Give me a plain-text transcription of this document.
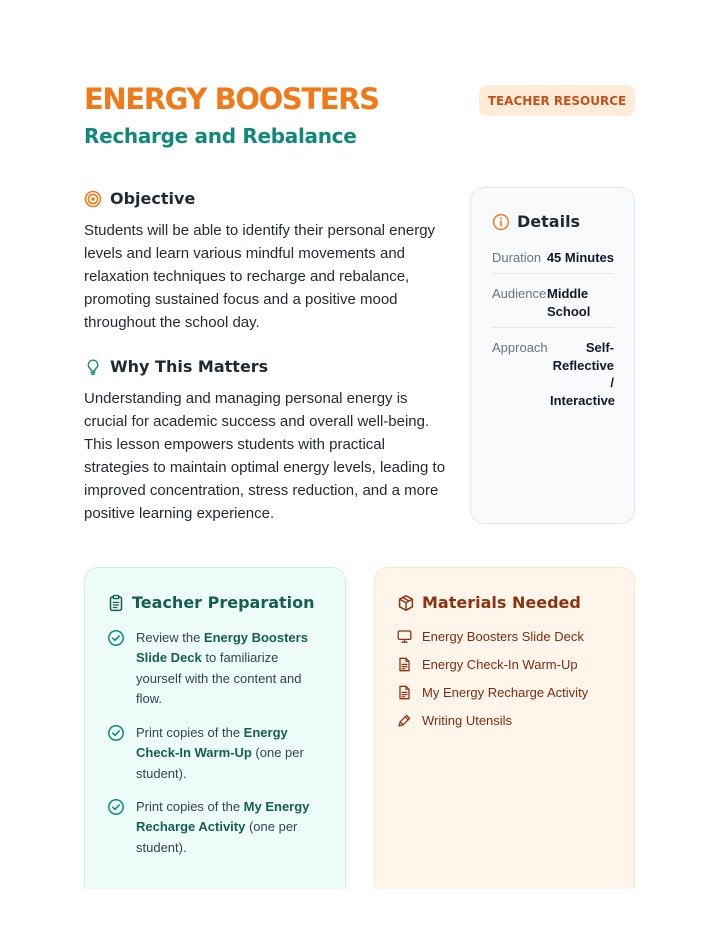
ENERGY BOOSTERS
Recharge and Rebalance
TEACHER RESOURCE
Objective
Students will be able to identify their personal energy levels and learn various mindful movements and relaxation techniques to recharge and rebalance, promoting sustained focus and a positive mood throughout the school day.
Why This Matters
Understanding and managing personal energy is crucial for academic success and overall well-being. This lesson empowers students with practical strategies to maintain optimal energy levels, leading to improved concentration, stress reduction, and a more positive learning experience.
Details
Duration 45 Minutes
Audience Middle School
Approach	Self-Reflective / Interactive
Teacher Preparation
Review the Energy Boosters Slide Deck to familiarize yourself with the content and flow.
Print copies of the Energy Check-In Warm-Up (one per student).
Print copies of the My Energy Recharge Activity (one per student).
Materials Needed
Energy Boosters Slide Deck
Energy Check-In Warm-Up
My Energy Recharge Activity
Writing Utensils
